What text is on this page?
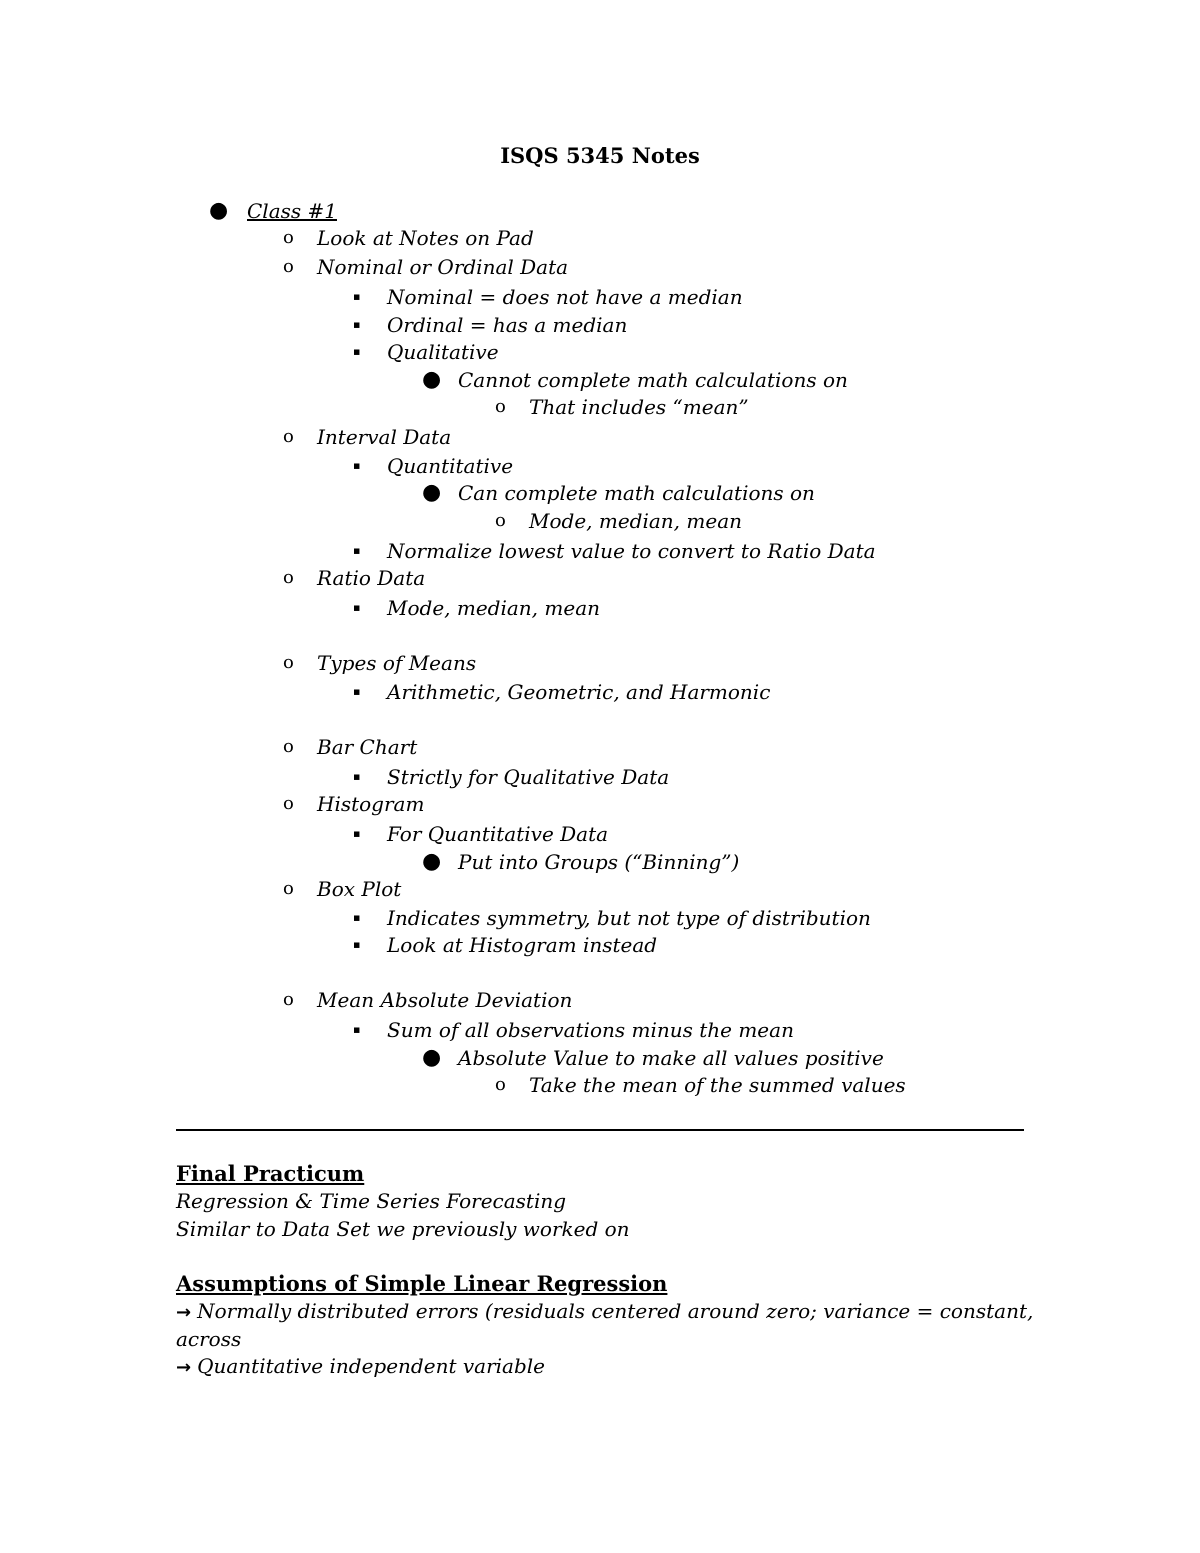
ISQS 5345 Notes
● Class #1
o Look at Notes on Pad
o Nominal or Ordinal Data
▪ Nominal = does not have a median
▪ Ordinal = has a median
▪ Qualitative
● Cannot complete math calculations on
o That includes “mean”
o Interval Data
▪ Quantitative
● Can complete math calculations on
o Mode, median, mean
▪ Normalize lowest value to convert to Ratio Data
o Ratio Data
▪ Mode, median, mean
o Types of Means
▪ Arithmetic, Geometric, and Harmonic
o Bar Chart
▪ Strictly for Qualitative Data
o Histogram
▪ For Quantitative Data
● Put into Groups (“Binning”)
o Box Plot
▪ Indicates symmetry, but not type of distribution
▪ Look at Histogram instead
o Mean Absolute Deviation
▪ Sum of all observations minus the mean
● Absolute Value to make all values positive
o Take the mean of the summed values
Final Practicum
Regression & Time Series Forecasting
Similar to Data Set we previously worked on
Assumptions of Simple Linear Regression
→ Normally distributed errors (residuals centered around zero; variance = constant,
across
→ Quantitative independent variable
